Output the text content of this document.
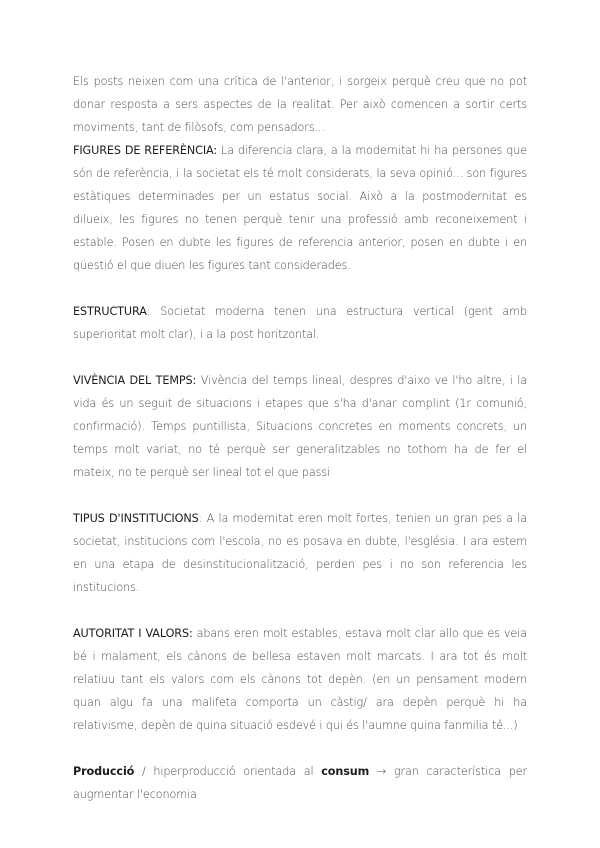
Els posts neixen com una crítica de l'anterior, i sorgeix perquè creu que no pot donar resposta a sers aspectes de la realitat. Per això comencen a sortir certs moviments, tant de filòsofs, com pensadors...

FIGURES DE REFERÈNCIA: La diferencia clara, a la modernitat hi ha persones que són de referència, i la societat els té molt considerats, la seva opinió... son figures estàtiques determinades per un estatus social. Això a la postmodernitat es dilueix, les figures no tenen perquè tenir una professió amb reconeixement i estable. Posen en dubte les figures de referencia anterior, posen en dubte i en qüestió el que diuen les figures tant considerades.

ESTRUCTURA: Societat moderna tenen una estructura vertical (gent amb superioritat molt clar), i a la post horitzontal.

VIVÈNCIA DEL TEMPS: Vivència del temps lineal, despres d'aixo ve l'ho altre, i la vida és un seguit de situacions i etapes que s'ha d'anar complint (1r comunió, confirmació). Temps puntillista, Situacions concretes en moments concrets, un temps molt variat, no té perquè ser generalitzables no tothom ha de fer el mateix, no te perquè ser lineal tot el que passi

TIPUS D'INSTITUCIONS: A la modernitat eren molt fortes, tenien un gran pes a la societat, institucions com l'escola, no es posava en dubte, l'església. I ara estem en una etapa de desinstitucionalització, perden pes i no son referencia les institucions.

AUTORITAT I VALORS: abans eren molt estables, estava molt clar allo que es veia bé i malament, els cànons de bellesa estaven molt marcats. I ara tot és molt relatiuu tant els valors com els cànons tot depèn. (en un pensament modern quan algu fa una malifeta comporta un càstig/ ara depèn perquè hi ha relativisme, depèn de quina situació esdevé i qui és l'aumne quina fanmilia té...)

Producció / hiperproducció orientada al consum → gran característica per augmentar l'economia
